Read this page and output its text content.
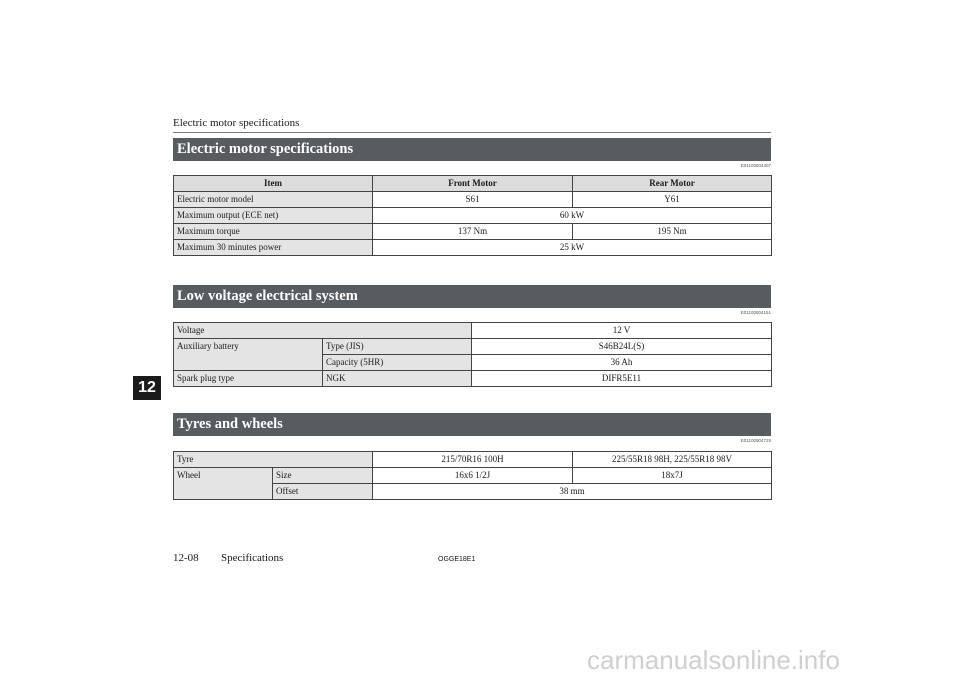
Electric motor specifications
Electric motor specifications
E01100604407
Item	Front Motor	Rear Motor
Electric motor model	S61	Y61
Maximum output (ECE net)	60 kW	
Maximum torque	137 Nm	195 Nm
Maximum 30 minutes power	25 kW	
Low voltage electrical system
E01100804151
Voltage		12 V
Auxiliary battery	Type (JIS)	S46B24L(S)
	Capacity (5HR)	36 Ah
Spark plug type	NGK	DIFR5E11
12
Tyres and wheels
E01100904729
Tyre		215/70R16 100H	225/55R18 98H, 225/55R18 98V
Wheel	Size	16x6 1/2J	18x7J
	Offset	38 mm	
12-08 Specifications	OGGE18E1
carmanualsonline.info
